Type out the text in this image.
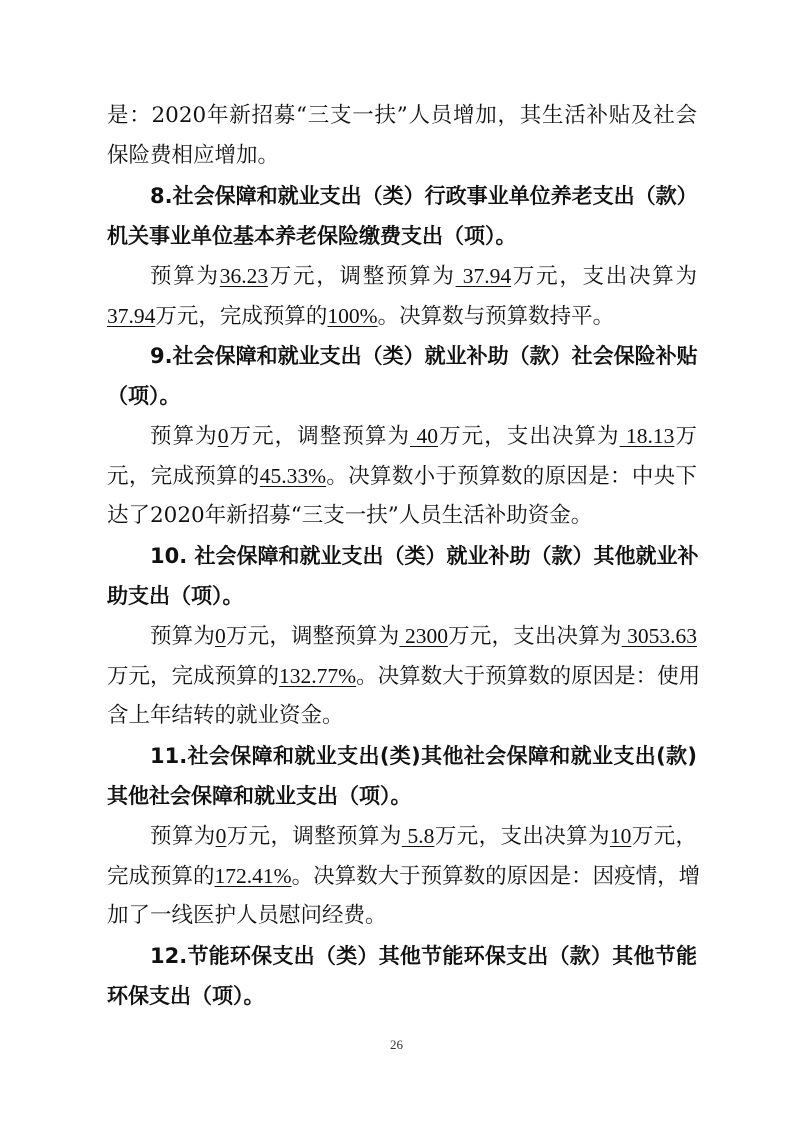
是：2020年新招募“三支一扶”人员增加，其生活补贴及社会
保险费相应增加。
8.社会保障和就业支出（类）行政事业单位养老支出（款）
机关事业单位基本养老保险缴费支出（项）。
预算为36.23万元，调整预算为 37.94万元，支出决算为
37.94万元，完成预算的100%。决算数与预算数持平。
9.社会保障和就业支出（类）就业补助（款）社会保险补贴
（项）。
预算为0万元，调整预算为 40万元，支出决算为 18.13万
元，完成预算的45.33%。决算数小于预算数的原因是：中央下
达了2020年新招募“三支一扶”人员生活补助资金。
10. 社会保障和就业支出（类）就业补助（款）其他就业补
助支出（项）。
预算为0万元，调整预算为 2300万元，支出决算为 3053.63
万元，完成预算的132.77%。决算数大于预算数的原因是：使用
含上年结转的就业资金。
11.社会保障和就业支出(类)其他社会保障和就业支出(款)
其他社会保障和就业支出（项）。
预算为0万元，调整预算为 5.8万元，支出决算为10万元，
完成预算的172.41%。决算数大于预算数的原因是：因疫情，增
加了一线医护人员慰问经费。
12.节能环保支出（类）其他节能环保支出（款）其他节能
环保支出（项）。
26
